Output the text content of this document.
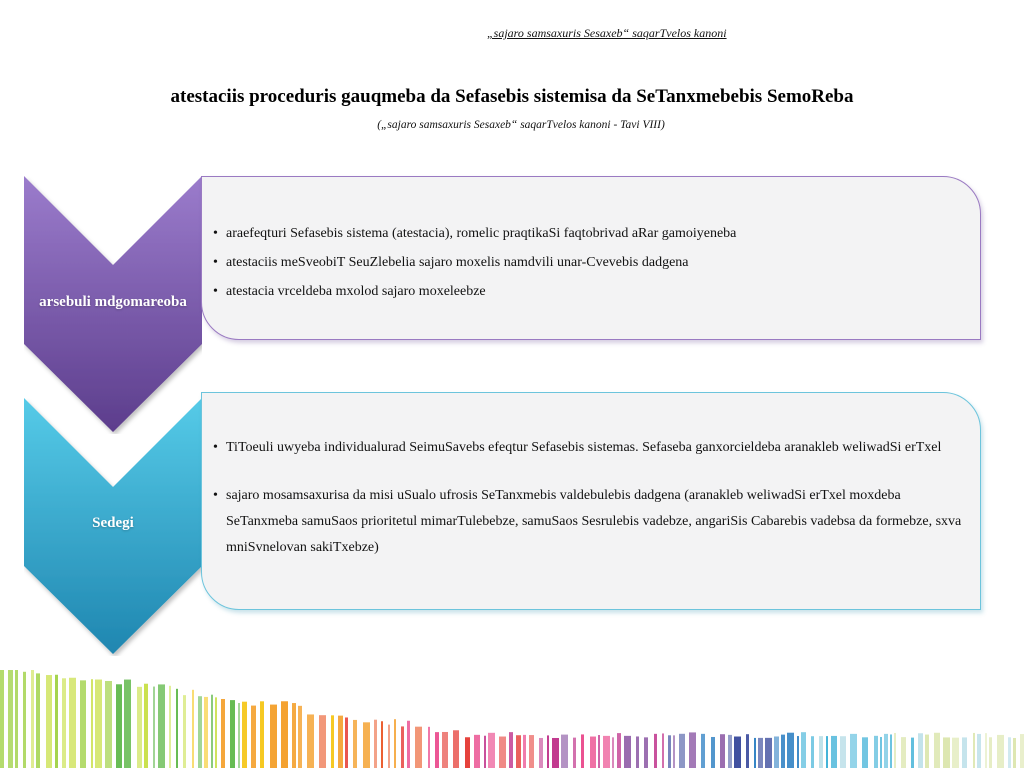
„sajaro samsaxuris Sesaxeb“ saqarTvelos kanoni
atestaciis proceduris gauqmeba da Sefasebis sistemisa da SeTanxmebebis SemoReba
(„sajaro samsaxuris Sesaxeb“ saqarTvelos kanoni - Tavi VIII)
arsebuli mdgomareoba
• araefeqturi Sefasebis sistema (atestacia), romelic praqtikaSi faqtobrivad aRar gamoiyeneba
• atestaciis meSveobiT SeuZlebelia sajaro moxelis namdvili unar-Cvevebis dadgena
• atestacia vrceldeba mxolod sajaro moxeleebze
Sedegi
• TiToeuli uwyeba individualurad SeimuSavebs efeqtur Sefasebis sistemas. Sefaseba ganxorcieldeba aranakleb weliwadSi erTxel
• sajaro mosamsaxurisa da misi uSualo ufrosis SeTanxmebis valdebulebis dadgena (aranakleb weliwadSi erTxel moxdeba SeTanxmeba samuSaos prioritetul mimarTulebebze, samuSaos Sesrulebis vadebze, angariSis Cabarebis vadebsa da formebze, sxva mniSvnelovan sakiTxebze)
